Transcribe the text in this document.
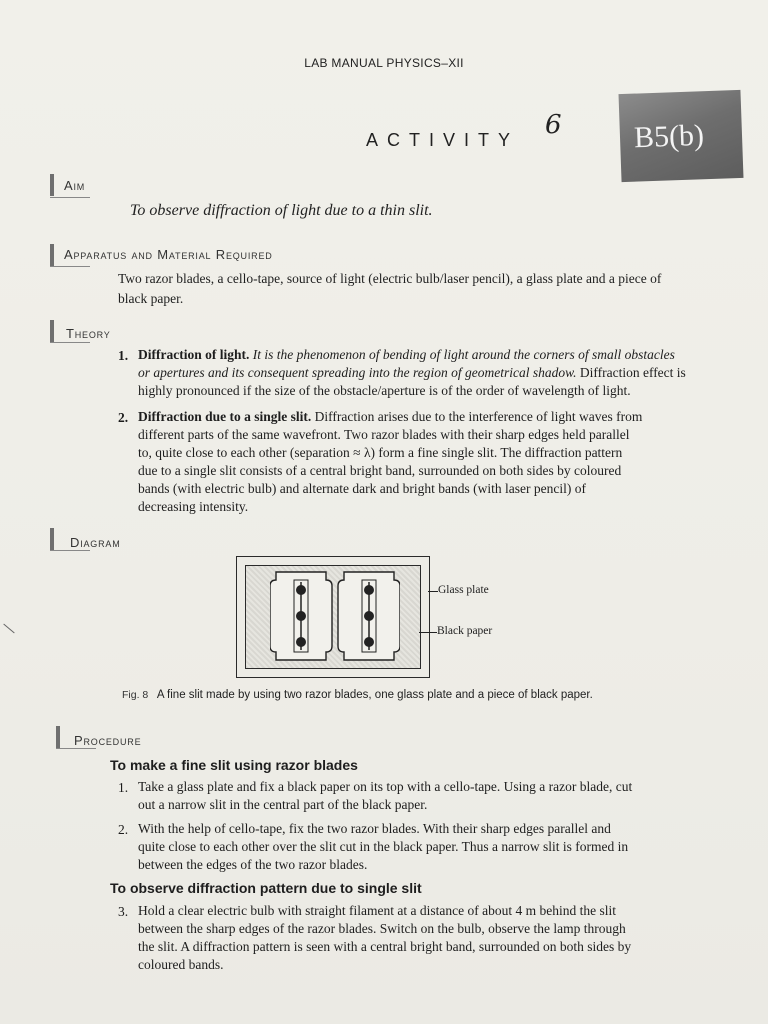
LAB MANUAL PHYSICS–XII
ACTIVITY 6 B5(b)
Aim
To observe diffraction of light due to a thin slit.
Apparatus and Material Required
Two razor blades, a cello-tape, source of light (electric bulb/laser pencil), a glass plate and a piece of
black paper.
Theory
1. Diffraction of light. It is the phenomenon of bending of light around the corners of small obstacles
or apertures and its consequent spreading into the region of geometrical shadow. Diffraction effect is
highly pronounced if the size of the obstacle/aperture is of the order of wavelength of light.
2. Diffraction due to a single slit. Diffraction arises due to the interference of light waves from
different parts of the same wavefront. Two razor blades with their sharp edges held parallel
to, quite close to each other (separation ≈ λ) form a fine single slit. The diffraction pattern
due to a single slit consists of a central bright band, surrounded on both sides by coloured
bands (with electric bulb) and alternate dark and bright bands (with laser pencil) of
decreasing intensity.
Diagram
Glass plate
Black paper
Fig. 8 A fine slit made by using two razor blades, one glass plate and a piece of black paper.
Procedure
To make a fine slit using razor blades
1. Take a glass plate and fix a black paper on its top with a cello-tape. Using a razor blade, cut
out a narrow slit in the central part of the black paper.
2. With the help of cello-tape, fix the two razor blades. With their sharp edges parallel and
quite close to each other over the slit cut in the black paper. Thus a narrow slit is formed in
between the edges of the two razor blades.
To observe diffraction pattern due to single slit
3. Hold a clear electric bulb with straight filament at a distance of about 4 m behind the slit
between the sharp edges of the razor blades. Switch on the bulb, observe the lamp through
the slit. A diffraction pattern is seen with a central bright band, surrounded on both sides by
coloured bands.
